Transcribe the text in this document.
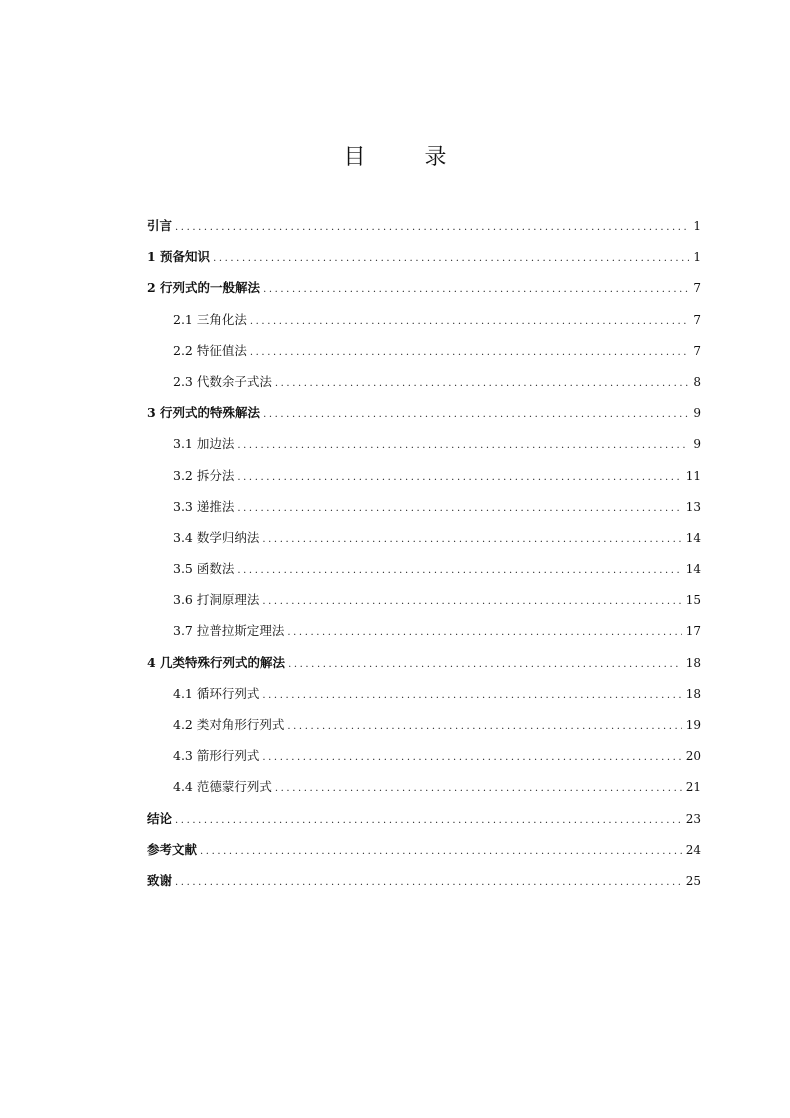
目 录
引言 .....	1
1 预备知识 .....	1
2 行列式的一般解法 .....	7
2.1 三角化法 .....	7
2.2 特征值法 .....	7
2.3 代数余子式法 .....	8
3 行列式的特殊解法 .....	9
3.1 加边法 .....	9
3.2 拆分法 .....	11
3.3 递推法 .....	13
3.4 数学归纳法 .....	14
3.5 函数法 .....	14
3.6 打洞原理法 .....	15
3.7 拉普拉斯定理法 .....	17
4 几类特殊行列式的解法 .....	18
4.1 循环行列式 .....	18
4.2 类对角形行列式 .....	19
4.3 箭形行列式 .....	20
4.4 范德蒙行列式 .....	21
结论 .....	23
参考文献 .....	24
致谢 .....	25
